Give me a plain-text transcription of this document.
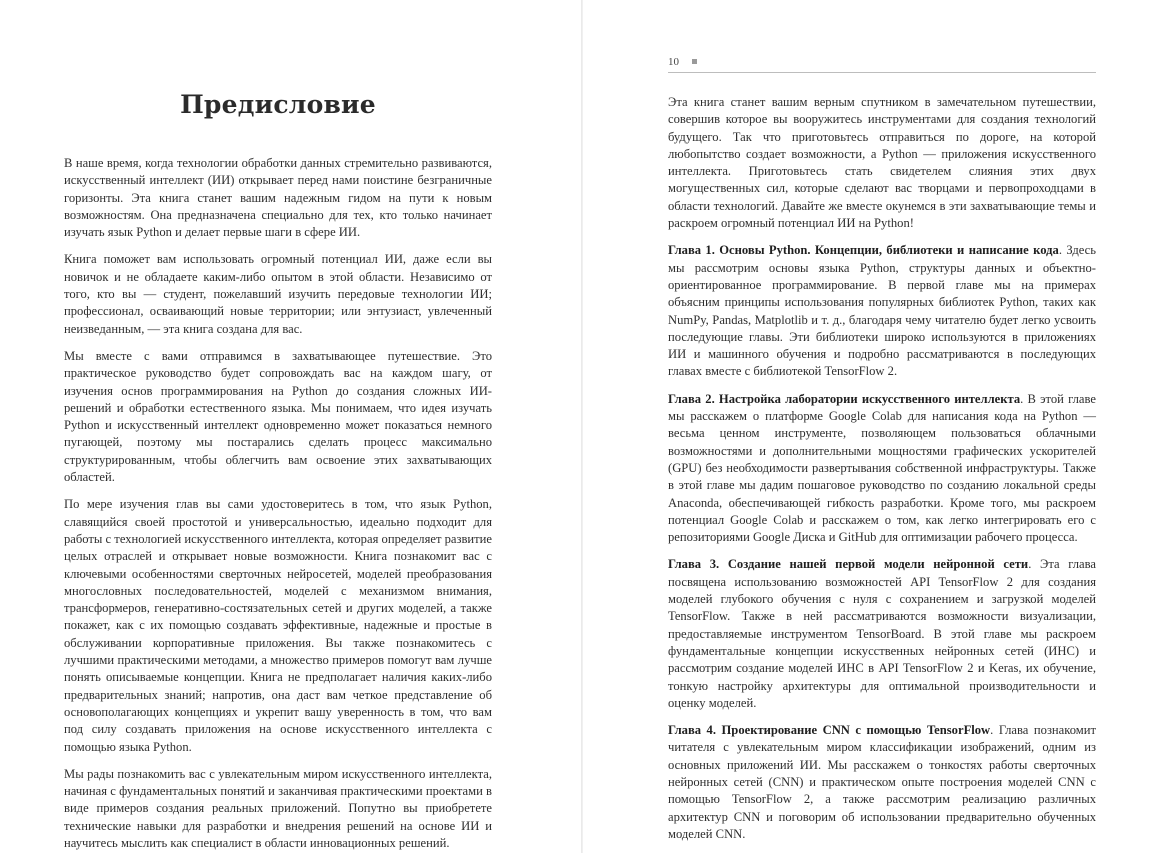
Предисловие

В наше время, когда технологии обработки данных стремительно развиваются, искусственный интеллект (ИИ) открывает перед нами поистине безграничные горизонты. Эта книга станет вашим надежным гидом на пути к новым возможностям. Она предназначена специально для тех, кто только начинает изучать язык Python и делает первые шаги в сфере ИИ.

Книга поможет вам использовать огромный потенциал ИИ, даже если вы новичок и не обладаете каким-либо опытом в этой области. Независимо от того, кто вы — студент, пожелавший изучить передовые технологии ИИ; профессионал, осваивающий новые территории; или энтузиаст, увлеченный неизведанным, — эта книга создана для вас.

Мы вместе с вами отправимся в захватывающее путешествие. Это практическое руководство будет сопровождать вас на каждом шагу, от изучения основ программирования на Python до создания сложных ИИ-решений и обработки естественного языка. Мы понимаем, что идея изучать Python и искусственный интеллект одновременно может показаться немного пугающей, поэтому мы постарались сделать процесс максимально структурированным, чтобы облегчить вам освоение этих захватывающих областей.

По мере изучения глав вы сами удостоверитесь в том, что язык Python, славящийся своей простотой и универсальностью, идеально подходит для работы с технологией искусственного интеллекта, которая определяет развитие целых отраслей и открывает новые возможности. Книга познакомит вас с ключевыми особенностями сверточных нейросетей, моделей преобразования многословных последовательностей, моделей с механизмом внимания, трансформеров, генеративно-состязательных сетей и других моделей, а также покажет, как с их помощью создавать эффективные, надежные и простые в обслуживании корпоративные приложения. Вы также познакомитесь с лучшими практическими методами, а множество примеров помогут вам лучше понять описываемые концепции. Книга не предполагает наличия каких-либо предварительных знаний; напротив, она даст вам четкое представление об основополагающих концепциях и укрепит вашу уверенность в том, что вам под силу создавать приложения на основе искусственного интеллекта с помощью языка Python.

Мы рады познакомить вас с увлекательным миром искусственного интеллекта, начиная с фундаментальных понятий и заканчивая практическими проектами в виде примеров создания реальных приложений. Попутно вы приобретете технические навыки для разработки и внедрения решений на основе ИИ и научитесь мыслить как специалист в области инновационных решений.

10

Эта книга станет вашим верным спутником в замечательном путешествии, совершив которое вы вооружитесь инструментами для создания технологий будущего. Так что приготовьтесь отправиться по дороге, на которой любопытство создает возможности, а Python — приложения искусственного интеллекта. Приготовьтесь стать свидетелем слияния этих двух могущественных сил, которые сделают вас творцами и первопроходцами в области технологий. Давайте же вместе окунемся в эти захватывающие темы и раскроем огромный потенциал ИИ на Python!

Глава 1. Основы Python. Концепции, библиотеки и написание кода. Здесь мы рассмотрим основы языка Python, структуры данных и объектно-ориентированное программирование. В первой главе мы на примерах объясним принципы использования популярных библиотек Python, таких как NumPy, Pandas, Matplotlib и т. д., благодаря чему читателю будет легко усвоить последующие главы. Эти библиотеки широко используются в приложениях ИИ и машинного обучения и подробно рассматриваются в последующих главах вместе с библиотекой TensorFlow 2.

Глава 2. Настройка лаборатории искусственного интеллекта. В этой главе мы расскажем о платформе Google Colab для написания кода на Python — весьма ценном инструменте, позволяющем пользоваться облачными возможностями и дополнительными мощностями графических ускорителей (GPU) без необходимости развертывания собственной инфраструктуры. Также в этой главе мы дадим пошаговое руководство по созданию локальной среды Anaconda, обеспечивающей гибкость разработки. Кроме того, мы раскроем потенциал Google Colab и расскажем о том, как легко интегрировать его с репозиториями Google Диска и GitHub для оптимизации рабочего процесса.

Глава 3. Создание нашей первой модели нейронной сети. Эта глава посвящена использованию возможностей API TensorFlow 2 для создания моделей глубокого обучения с нуля с сохранением и загрузкой моделей TensorFlow. Также в ней рассматриваются возможности визуализации, предоставляемые инструментом TensorBoard. В этой главе мы раскроем фундаментальные концепции искусственных нейронных сетей (ИНС) и рассмотрим создание моделей ИНС в API TensorFlow 2 и Keras, их обучение, тонкую настройку архитектуры для оптимальной производительности и оценку моделей.

Глава 4. Проектирование CNN с помощью TensorFlow. Глава познакомит читателя с увлекательным миром классификации изображений, одним из основных приложений ИИ. Мы расскажем о тонкостях работы сверточных нейронных сетей (CNN) и практическом опыте построения моделей CNN с помощью TensorFlow 2, а также рассмотрим реализацию различных архитектур CNN и поговорим об использовании предварительно обученных моделей CNN.
